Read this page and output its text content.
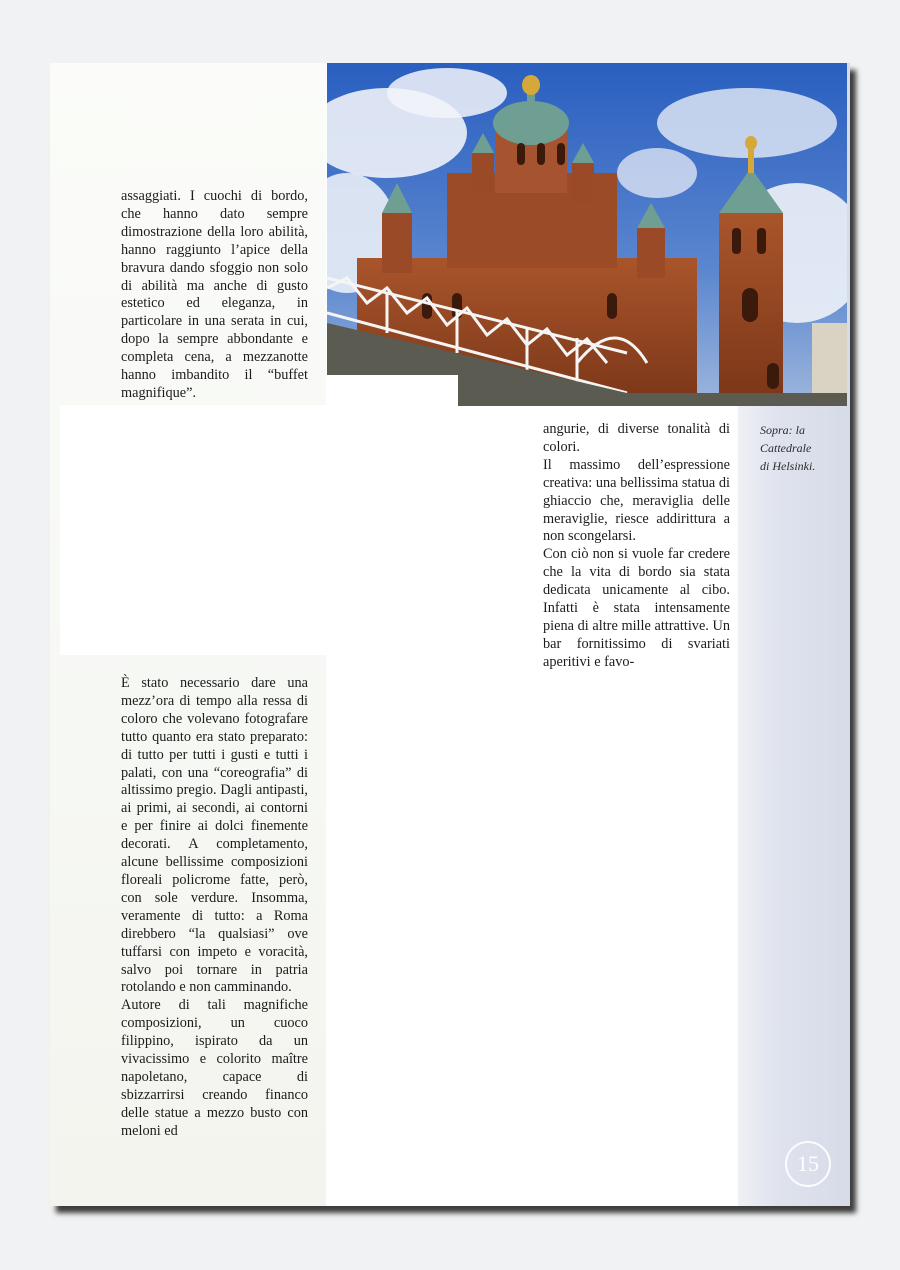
assaggiati. I cuochi di bordo, che hanno dato sempre dimostrazione della loro abilità, hanno raggiunto l’apice della bravura dando sfoggio non solo di abilità ma anche di gusto estetico ed eleganza, in particolare in una serata in cui, dopo la sempre abbondante e completa cena, a mezzanotte hanno imbandito il “buffet magnifique”.

angurie, di diverse tonalità di colori.

Il massimo dell’espressione creativa: una bellissima statua di ghiaccio che, meraviglia delle meraviglie, riesce addirittura a non scongelarsi.

Con ciò non si vuole far credere che la vita di bordo sia stata dedicata unicamente al cibo. Infatti è stata intensamente piena di altre mille attrattive. Un bar fornitissimo di svariati aperitivi e favo-

È stato necessario dare una mezz’ora di tempo alla ressa di coloro che volevano fotografare tutto quanto era stato preparato: di tutto per tutti i gusti e tutti i palati, con una “coreografia” di altissimo pregio. Dagli antipasti, ai primi, ai secondi, ai contorni e per finire ai dolci finemente decorati. A completamento, alcune bellissime composizioni floreali policrome fatte, però, con sole verdure. Insomma, veramente di tutto: a Roma direbbero “la qualsiasi” ove tuffarsi con impeto e voracità, salvo poi tornare in patria rotolando e non camminando.

Autore di tali magnifiche composizioni, un cuoco filippino, ispirato da un vivacissimo e colorito maître napoletano, capace di sbizzarrirsi creando financo delle statue a mezzo busto con meloni ed

Sopra: la
Cattedrale
di Helsinki.
15
